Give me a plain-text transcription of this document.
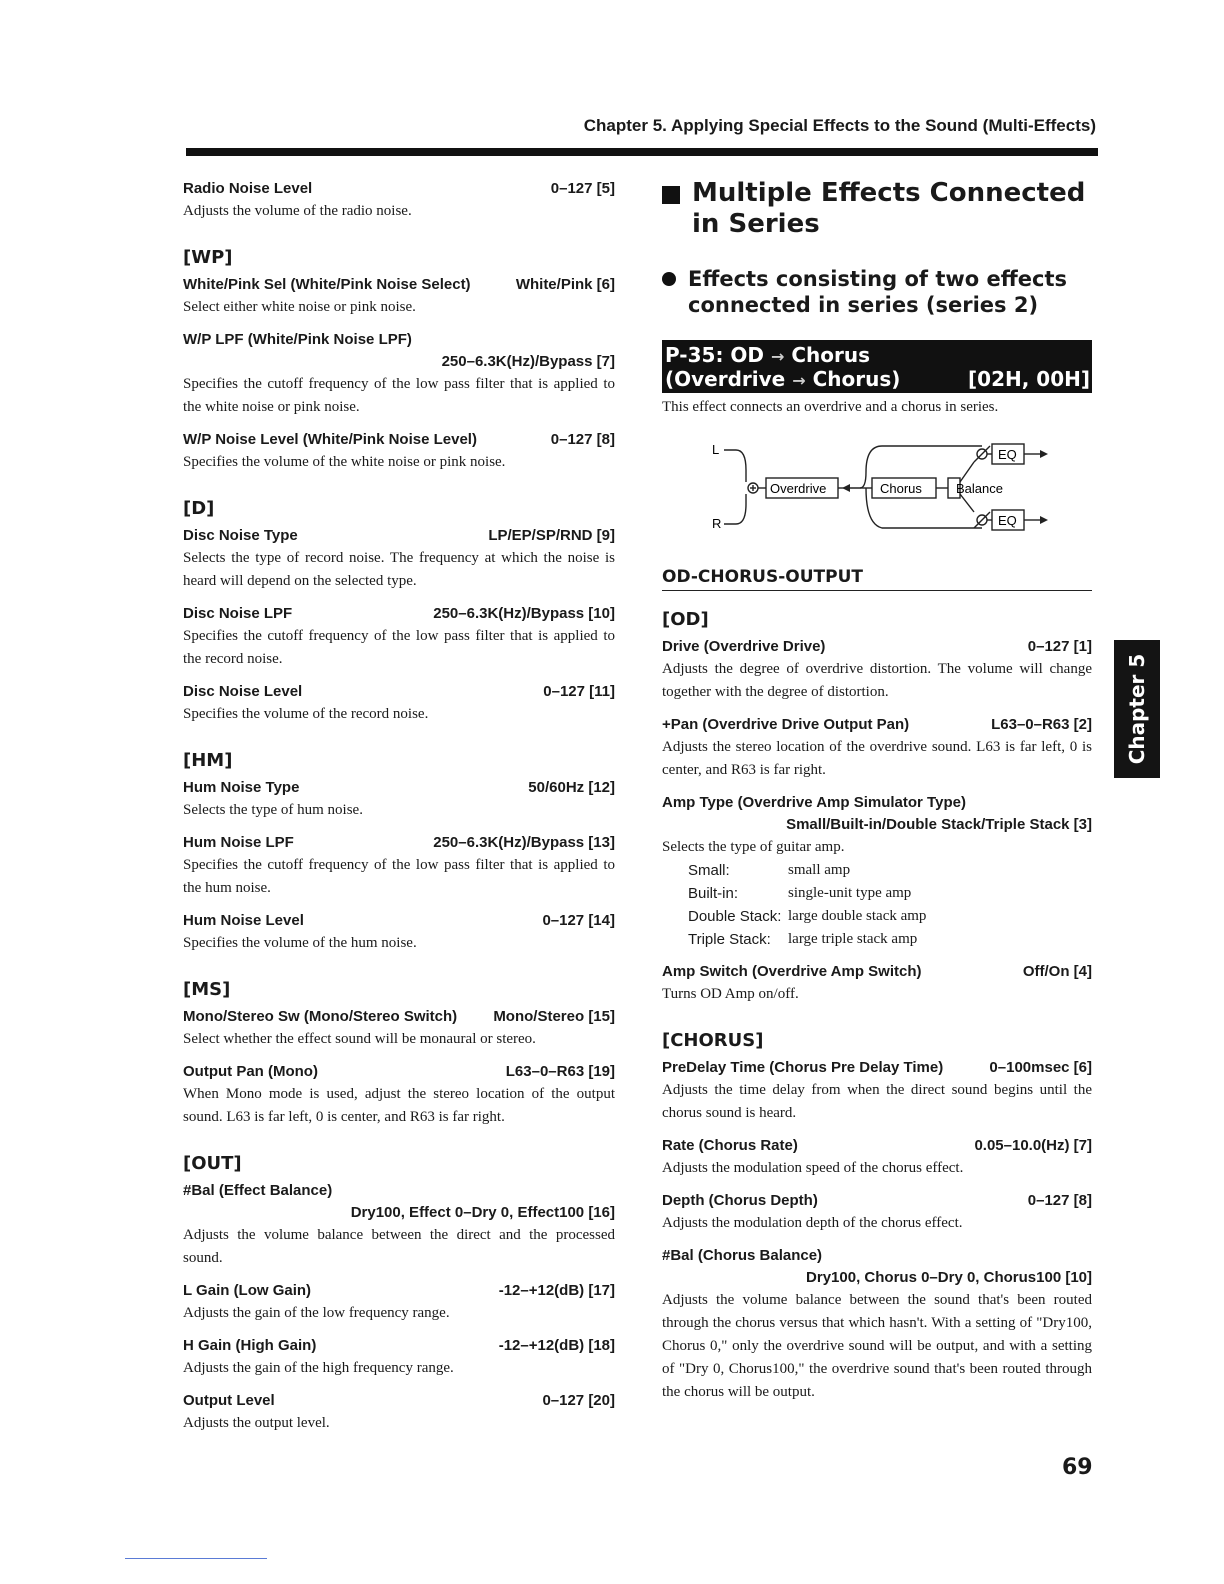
Chapter 5. Applying Special Effects to the Sound (Multi-Effects)
Radio Noise Level	0–127 [5]
Adjusts the volume of the radio noise.
[WP]
White/Pink Sel (White/Pink Noise Select)	White/Pink [6]
Select either white noise or pink noise.
W/P LPF (White/Pink Noise LPF)
250–6.3K(Hz)/Bypass [7]
Specifies the cutoff frequency of the low pass filter that is applied to the white noise or pink noise.
W/P Noise Level (White/Pink Noise Level)	0–127 [8]
Specifies the volume of the white noise or pink noise.
[D]
Disc Noise Type	LP/EP/SP/RND [9]
Selects the type of record noise. The frequency at which the noise is heard will depend on the selected type.
Disc Noise LPF	250–6.3K(Hz)/Bypass [10]
Specifies the cutoff frequency of the low pass filter that is applied to the record noise.
Disc Noise Level	0–127 [11]
Specifies the volume of the record noise.
[HM]
Hum Noise Type	50/60Hz [12]
Selects the type of hum noise.
Hum Noise LPF	250–6.3K(Hz)/Bypass [13]
Specifies the cutoff frequency of the low pass filter that is applied to the hum noise.
Hum Noise Level	0–127 [14]
Specifies the volume of the hum noise.
[MS]
Mono/Stereo Sw (Mono/Stereo Switch) Mono/Stereo [15]
Select whether the effect sound will be monaural or stereo.
Output Pan (Mono)	L63–0–R63 [19]
When Mono mode is used, adjust the stereo location of the output sound. L63 is far left, 0 is center, and R63 is far right.
[OUT]
#Bal (Effect Balance)
Dry100, Effect 0–Dry 0, Effect100 [16]
Adjusts the volume balance between the direct and the processed sound.
L Gain (Low Gain)	-12–+12(dB) [17]
Adjusts the gain of the low frequency range.
H Gain (High Gain)	-12–+12(dB) [18]
Adjusts the gain of the high frequency range.
Output Level	0–127 [20]
Adjusts the output level.
Multiple Effects Connected in Series
Effects consisting of two effects connected in series (series 2)
P-35: OD → Chorus
(Overdrive → Chorus)	[02H, 00H]
This effect connects an overdrive and a chorus in series.
L
R
Overdrive	Chorus	Balance
EQ
EQ
OD-CHORUS-OUTPUT
[OD]
Drive (Overdrive Drive)	0–127 [1]
Adjusts the degree of overdrive distortion. The volume will change together with the degree of distortion.
+Pan (Overdrive Drive Output Pan)	L63–0–R63 [2]
Adjusts the stereo location of the overdrive sound. L63 is far left, 0 is center, and R63 is far right.
Amp Type (Overdrive Amp Simulator Type)
Small/Built-in/Double Stack/Triple Stack [3]
Selects the type of guitar amp.
Small:	small amp
Built-in:	single-unit type amp
Double Stack: large double stack amp
Triple Stack:	large triple stack amp
Amp Switch (Overdrive Amp Switch)	Off/On [4]
Turns OD Amp on/off.
[CHORUS]
PreDelay Time (Chorus Pre Delay Time)	0–100msec [6]
Adjusts the time delay from when the direct sound begins until the chorus sound is heard.
Rate (Chorus Rate)	0.05–10.0(Hz) [7]
Adjusts the modulation speed of the chorus effect.
Depth (Chorus Depth)	0–127 [8]
Adjusts the modulation depth of the chorus effect.
#Bal (Chorus Balance)
Dry100, Chorus 0–Dry 0, Chorus100 [10]
Adjusts the volume balance between the sound that's been routed through the chorus versus that which hasn't. With a setting of "Dry100, Chorus 0," only the overdrive sound will be output, and with a setting of "Dry 0, Chorus100," the overdrive sound that's been routed through the chorus will be output.
Chapter 5
69
